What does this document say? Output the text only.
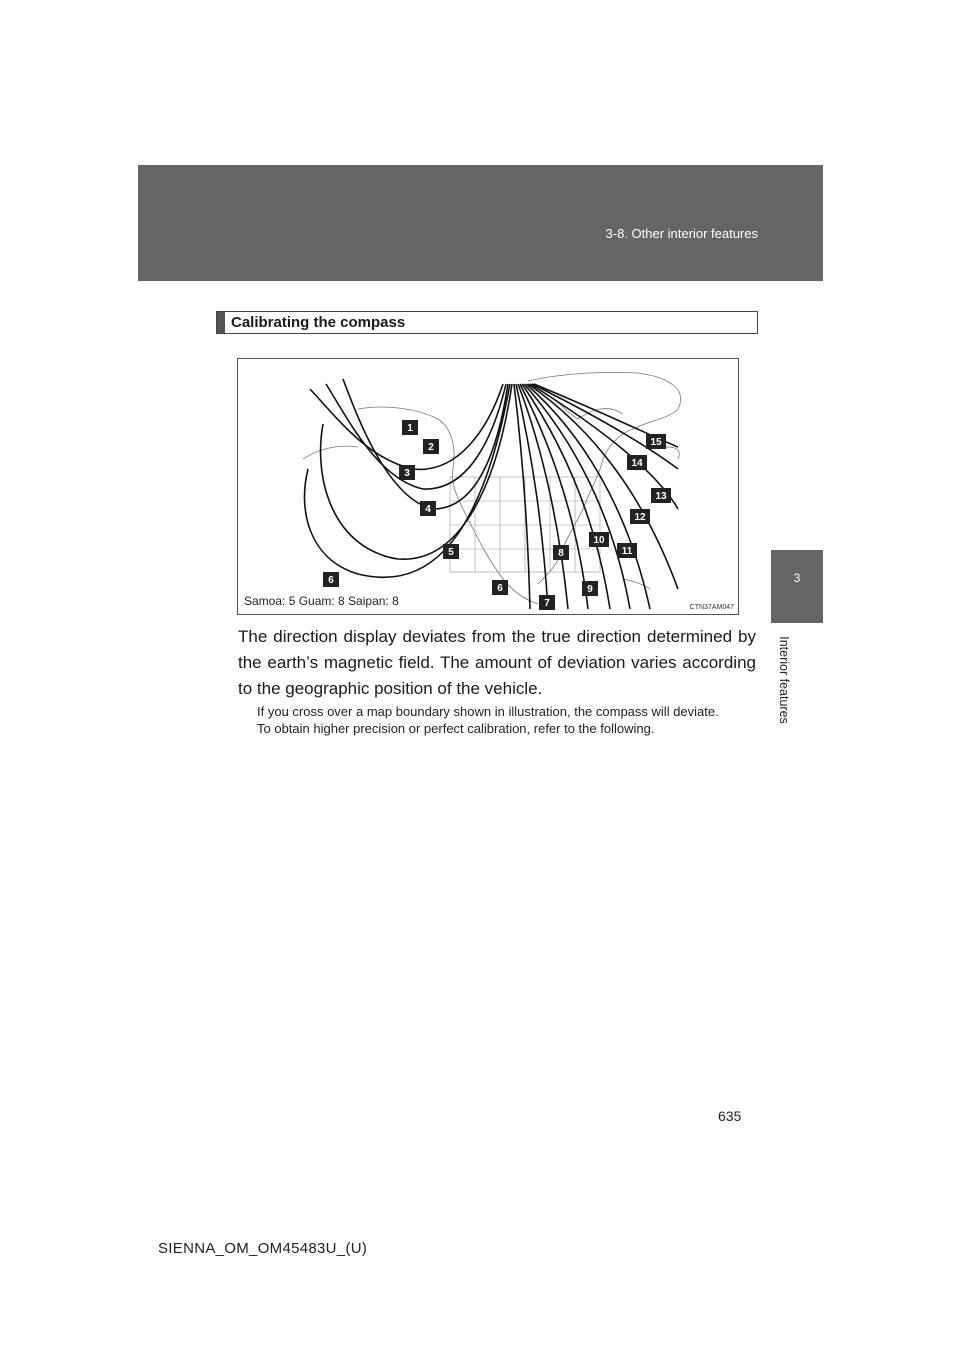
3-8. Other interior features
3
Interior features
Calibrating the compass
1
2
3
4
5
6
6
7
8
9
10
11
12
13
14
15
Samoa: 5 Guam: 8 Saipan: 8	CTN37AM047
The direction display deviates from the true direction determined by the earth’s magnetic field. The amount of deviation varies according to the geographic position of the vehicle.

If you cross over a map boundary shown in illustration, the compass will deviate.

To obtain higher precision or perfect calibration, refer to the following.

635
SIENNA_OM_OM45483U_(U)
